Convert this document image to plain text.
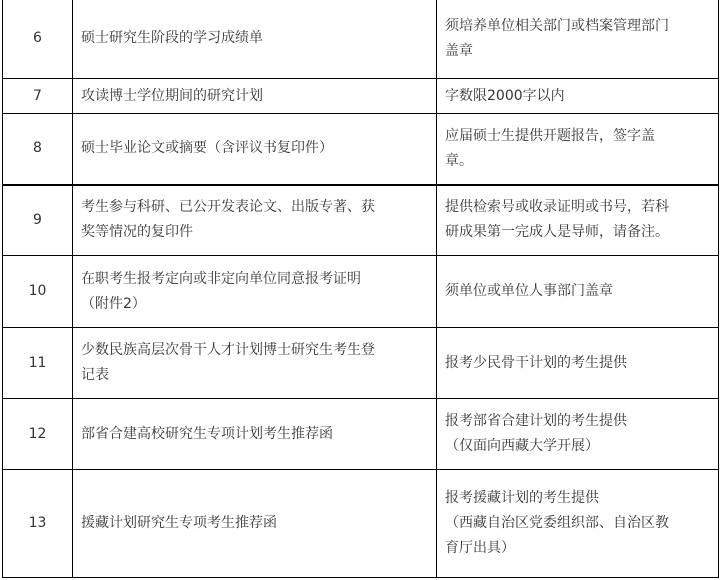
6	硕士研究生阶段的学习成绩单	须培养单位相关部门或档案管理部门
盖章

7	攻读博士学位期间的研究计划	字数限2000字以内

8	硕士毕业论文或摘要（含评议书复印件）	应届硕士生提供开题报告，签字盖
章。

9	考生参与科研、已公开发表论文、出版专著、获
奖等情况的复印件	提供检索号或收录证明或书号，若科
研成果第一完成人是导师，请备注。

10	在职考生报考定向或非定向单位同意报考证明
（附件2）	须单位或单位人事部门盖章

11	少数民族高层次骨干人才计划博士研究生考生登
记表	报考少民骨干计划的考生提供

12	部省合建高校研究生专项计划考生推荐函	报考部省合建计划的考生提供
（仅面向西藏大学开展）

13	援藏计划研究生专项考生推荐函	报考援藏计划的考生提供
（西藏自治区党委组织部、自治区教
育厅出具）
